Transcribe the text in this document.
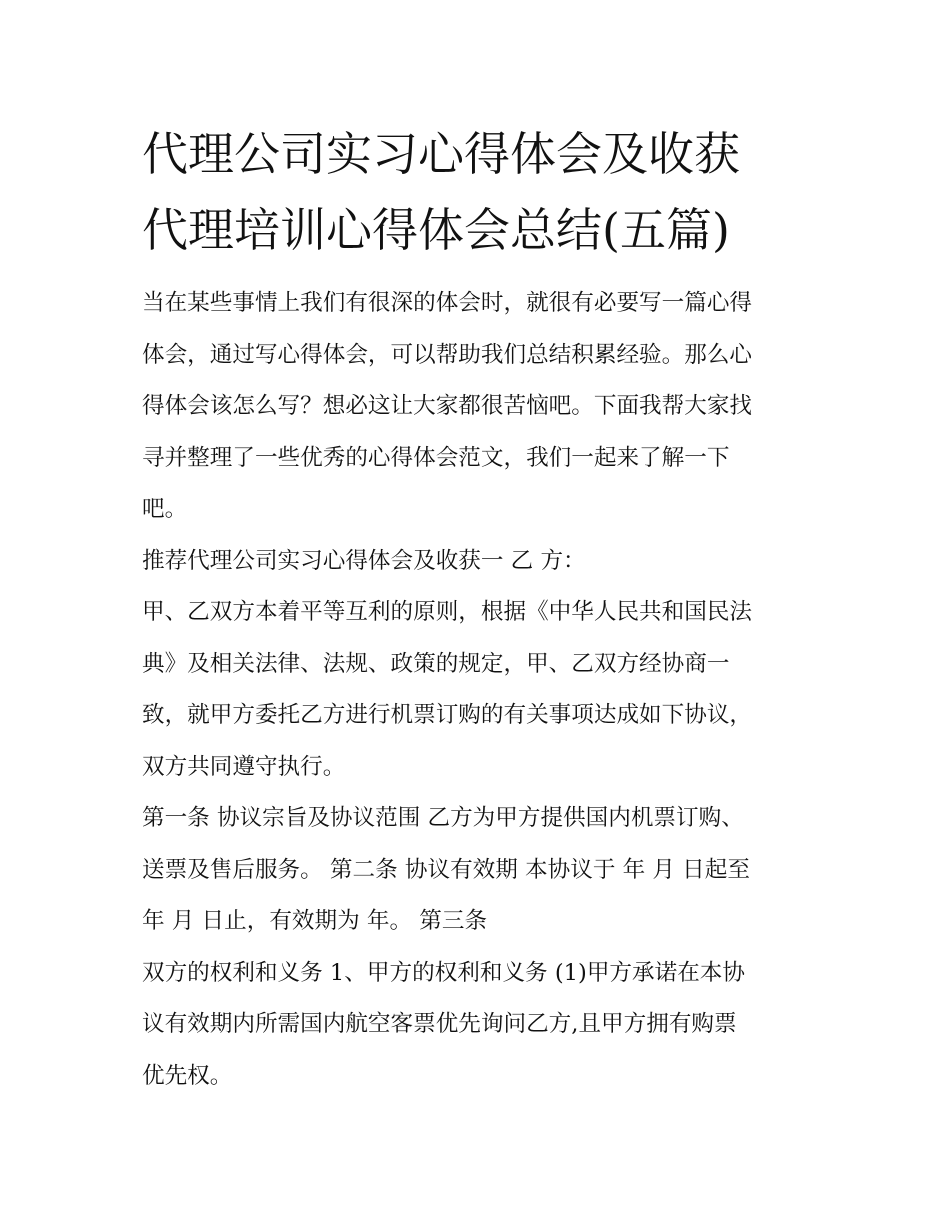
代理公司实习心得体会及收获
代理培训心得体会总结(五篇)
当在某些事情上我们有很深的体会时，就很有必要写一篇心得
体会，通过写心得体会，可以帮助我们总结积累经验。那么心
得体会该怎么写？想必这让大家都很苦恼吧。下面我帮大家找
寻并整理了一些优秀的心得体会范文，我们一起来了解一下
吧。
推荐代理公司实习心得体会及收获一 乙 方：
甲、乙双方本着平等互利的原则，根据《中华人民共和国民法
典》及相关法律、法规、政策的规定，甲、乙双方经协商一
致，就甲方委托乙方进行机票订购的有关事项达成如下协议，
双方共同遵守执行。
第一条 协议宗旨及协议范围 乙方为甲方提供国内机票订购、
送票及售后服务。 第二条 协议有效期 本协议于 年 月 日起至
年 月 日止，有效期为 年。 第三条
双方的权利和义务 1、甲方的权利和义务 (1)甲方承诺在本协
议有效期内所需国内航空客票优先询问乙方,且甲方拥有购票
优先权。
